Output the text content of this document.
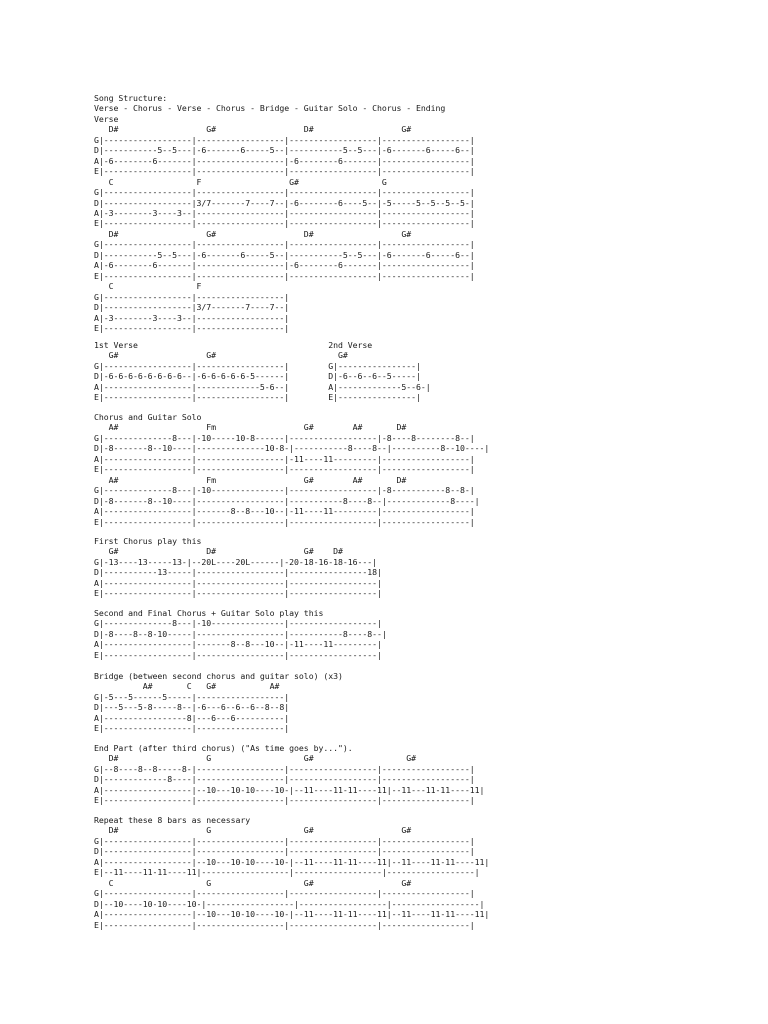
Song Structure:
Verse - Chorus - Verse - Chorus - Bridge - Guitar Solo - Chorus - Ending
Verse
D#                  G#                  D#                  G#
G|------------------|------------------|------------------|------------------|
D|-----------5--5---|-6-------6-----5--|-----------5--5---|-6-------6-----6--|
A|-6--------6-------|------------------|-6--------6-------|------------------|
E|------------------|------------------|------------------|------------------|
C                 F                  G#                 G
G|------------------|------------------|------------------|------------------|
D|------------------|3/7-------7----7--|-6--------6----5--|-5-----5--5--5--5-|
A|-3--------3----3--|------------------|------------------|------------------|
E|------------------|------------------|------------------|------------------|
D#                  G#                  D#                  G#
G|------------------|------------------|------------------|------------------|
D|-----------5--5---|-6-------6-----5--|-----------5--5---|-6-------6-----6--|
A|-6--------6-------|------------------|-6--------6-------|------------------|
E|------------------|------------------|------------------|------------------|
C                 F
G|------------------|------------------|
D|------------------|3/7-------7----7--|
A|-3--------3----3--|------------------|
E|------------------|------------------|
1st Verse                                       2nd Verse
G#                  G#                         G#
G|------------------|------------------|        G|----------------|
D|-6-6-6-6-6-6-6-6--|-6-6-6-6-6-5------|        D|-6--6--6--5-----|
A|------------------|-------------5-6--|        A|-------------5--6-|
E|------------------|------------------|        E|----------------|
Chorus and Guitar Solo
A#                  Fm                  G#        A#       D#
G|--------------8---|-10-----10-8------|------------------|-8----8--------8--|
D|-8-------8--10----|--------------10-8-|-----------8----8--|----------8--10----|
A|------------------|------------------|-11----11---------|------------------|
E|------------------|------------------|------------------|------------------|
A#                  Fm                  G#        A#       D#
G|--------------8---|-10---------------|------------------|-8-----------8--8-|
D|-8-------8--10----|------------------|-----------8----8--|-------------8----|
A|------------------|-------8--8---10--|-11----11---------|------------------|
E|------------------|------------------|------------------|------------------|
First Chorus play this
G#                  D#                  G#    D#
G|-13----13-----13-|--20L----20L------|-20-18-16-18-16---|
D|-----------13-----|------------------|----------------18|
A|------------------|------------------|------------------|
E|------------------|------------------|------------------|
Second and Final Chorus + Guitar Solo play this
G|--------------8---|-10---------------|------------------|
D|-8----8--8-10-----|------------------|-----------8----8--|
A|------------------|-------8--8---10--|-11----11---------|
E|------------------|------------------|------------------|
Bridge (between second chorus and guitar solo) (x3)
A#       C   G#           A#
G|-5---5------5-----|------------------|
D|---5---5-8-----8--|-6---6--6--6--8--8|
A|-----------------8|---6---6----------|
E|------------------|------------------|
End Part (after third chorus) ("As time goes by...").
D#                  G                   G#                   G#
G|--8----8--8-----8-|------------------|------------------|------------------|
D|-------------8----|------------------|------------------|------------------|
A|------------------|--10---10-10----10-|--11----11-11----11|--11---11-11----11|
E|------------------|------------------|------------------|------------------|
Repeat these 8 bars as necessary
D#                  G                   G#                  G#
G|------------------|------------------|------------------|------------------|
D|------------------|------------------|------------------|------------------|
A|------------------|--10---10-10----10-|--11----11-11----11|--11----11-11----11|
E|--11----11-11----11|------------------|------------------|------------------|
C                   G                   G#                  G#
G|------------------|------------------|------------------|------------------|
D|--10----10-10----10-|------------------|------------------|------------------|
A|------------------|--10---10-10----10-|--11----11-11----11|--11----11-11----11|
E|------------------|------------------|------------------|------------------|
